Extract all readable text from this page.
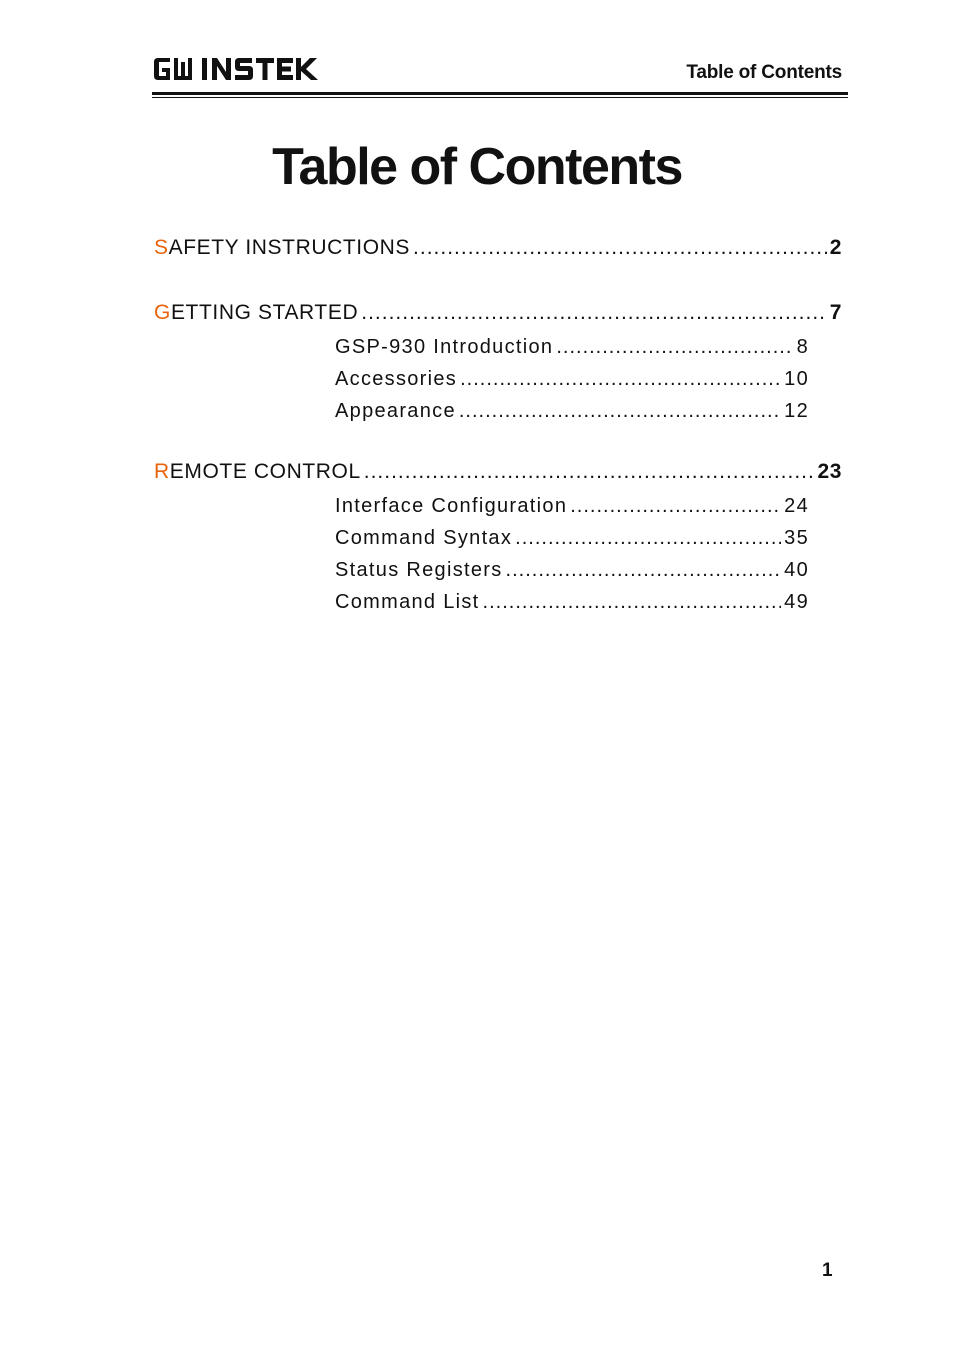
Table of Contents
Table of Contents
SAFETY INSTRUCTIONS .....	2
GETTING STARTED .....	7
GSP-930 Introduction .....	8
Accessories .....	10
Appearance .....	12
REMOTE CONTROL .....	23
Interface Configuration .....	24
Command Syntax .....	35
Status Registers .....	40
Command List .....	49
1
